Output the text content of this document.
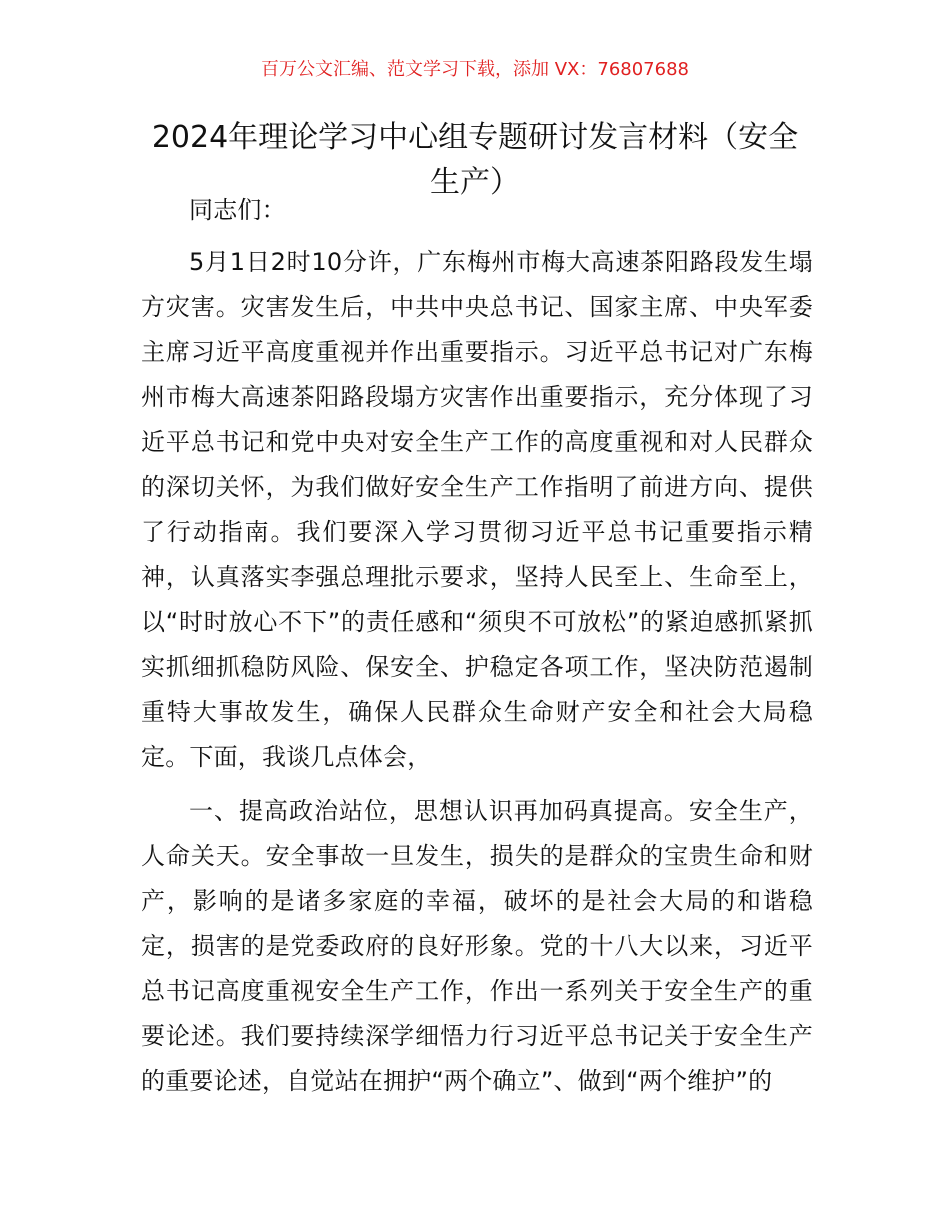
百万公文汇编、范文学习下载，添加 VX：76807688
2024年理论学习中心组专题研讨发言材料（安全生产）

同志们：

5月1日2时10分许，广东梅州市梅大高速茶阳路段发生塌方灾害。灾害发生后，中共中央总书记、国家主席、中央军委主席习近平高度重视并作出重要指示。习近平总书记对广东梅州市梅大高速茶阳路段塌方灾害作出重要指示，充分体现了习近平总书记和党中央对安全生产工作的高度重视和对人民群众的深切关怀，为我们做好安全生产工作指明了前进方向、提供了行动指南。我们要深入学习贯彻习近平总书记重要指示精神，认真落实李强总理批示要求，坚持人民至上、生命至上，以“时时放心不下”的责任感和“须臾不可放松”的紧迫感抓紧抓实抓细抓稳防风险、保安全、护稳定各项工作，坚决防范遏制重特大事故发生，确保人民群众生命财产安全和社会大局稳定。下面，我谈几点体会，

一、提高政治站位，思想认识再加码真提高。安全生产，人命关天。安全事故一旦发生，损失的是群众的宝贵生命和财产，影响的是诸多家庭的幸福，破坏的是社会大局的和谐稳定，损害的是党委政府的良好形象。党的十八大以来，习近平总书记高度重视安全生产工作，作出一系列关于安全生产的重要论述。我们要持续深学细悟力行习近平总书记关于安全生产的重要论述，自觉站在拥护“两个确立”、做到“两个维护”的
